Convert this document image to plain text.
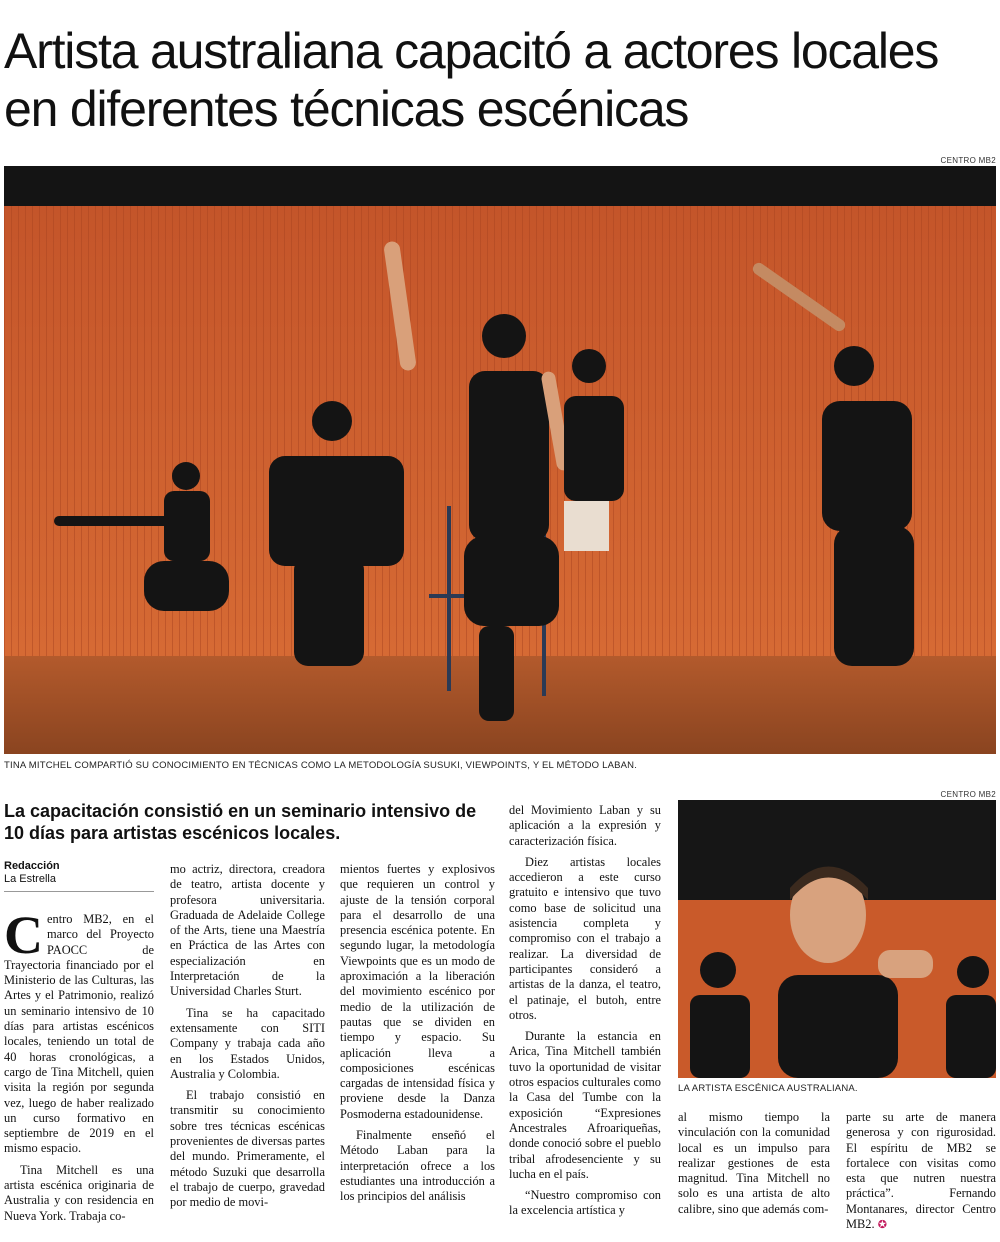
Artista australiana capacitó a actores locales en diferentes técnicas escénicas
CENTRO MB2
TINA MITCHEL COMPARTIÓ SU CONOCIMIENTO EN TÉCNICAS COMO LA METODOLOGÍA SUSUKI, VIEWPOINTS, Y EL MÉTODO LABAN.
La capacitación consistió en un seminario intensivo de 10 días para artistas escénicos locales.
Redacción
La Estrella

Centro MB2, en el marco del Proyecto PAOCC de Trayectoria financiado por el Ministerio de las Culturas, las Artes y el Patrimonio, realizó un seminario intensivo de 10 días para artistas escénicos locales, teniendo un total de 40 horas cronológicas, a cargo de Tina Mitchell, quien visita la región por segunda vez, luego de haber realizado un curso formativo en septiembre de 2019 en el mismo espacio.

Tina Mitchell es una artista escénica originaria de Australia y con residencia en Nueva York. Trabaja co-

mo actriz, directora, creadora de teatro, artista docente y profesora universitaria. Graduada de Adelaide College of the Arts, tiene una Maestría en Práctica de las Artes con especialización en Interpretación de la Universidad Charles Sturt.

Tina se ha capacitado extensamente con SITI Company y trabaja cada año en los Estados Unidos, Australia y Colombia.

El trabajo consistió en transmitir su conocimiento sobre tres técnicas escénicas provenientes de diversas partes del mundo. Primeramente, el método Suzuki que desarrolla el trabajo de cuerpo, gravedad por medio de movi-

mientos fuertes y explosivos que requieren un control y ajuste de la tensión corporal para el desarrollo de una presencia escénica potente. En segundo lugar, la metodología Viewpoints que es un modo de aproximación a la liberación del movimiento escénico por medio de la utilización de pautas que se dividen en tiempo y espacio. Su aplicación lleva a composiciones escénicas cargadas de intensidad física y proviene desde la Danza Posmoderna estadounidense.

Finalmente enseñó el Método Laban para la interpretación ofrece a los estudiantes una introducción a los principios del análisis

del Movimiento Laban y su aplicación a la expresión y caracterización física.

Diez artistas locales accedieron a este curso gratuito e intensivo que tuvo como base de solicitud una asistencia completa y compromiso con el trabajo a realizar. La diversidad de participantes consideró a artistas de la danza, el teatro, el patinaje, el butoh, entre otros.

Durante la estancia en Arica, Tina Mitchell también tuvo la oportunidad de visitar otros espacios culturales como la Casa del Tumbe con la exposición “Expresiones Ancestrales Afroariqueñas, donde conoció sobre el pueblo tribal afrodesenciente y su lucha en el país.

“Nuestro compromiso con la excelencia artística y

CENTRO MB2
LA ARTISTA ESCÉNICA AUSTRALIANA.

al mismo tiempo la vinculación con la comunidad local es un impulso para realizar gestiones de esta magnitud. Tina Mitchell no solo es una artista de alto calibre, sino que además com-

parte su arte de manera generosa y con rigurosidad. El espíritu de MB2 se fortalece con visitas como esta que nutren nuestra práctica”. Fernando Montanares, director Centro MB2. ✪
